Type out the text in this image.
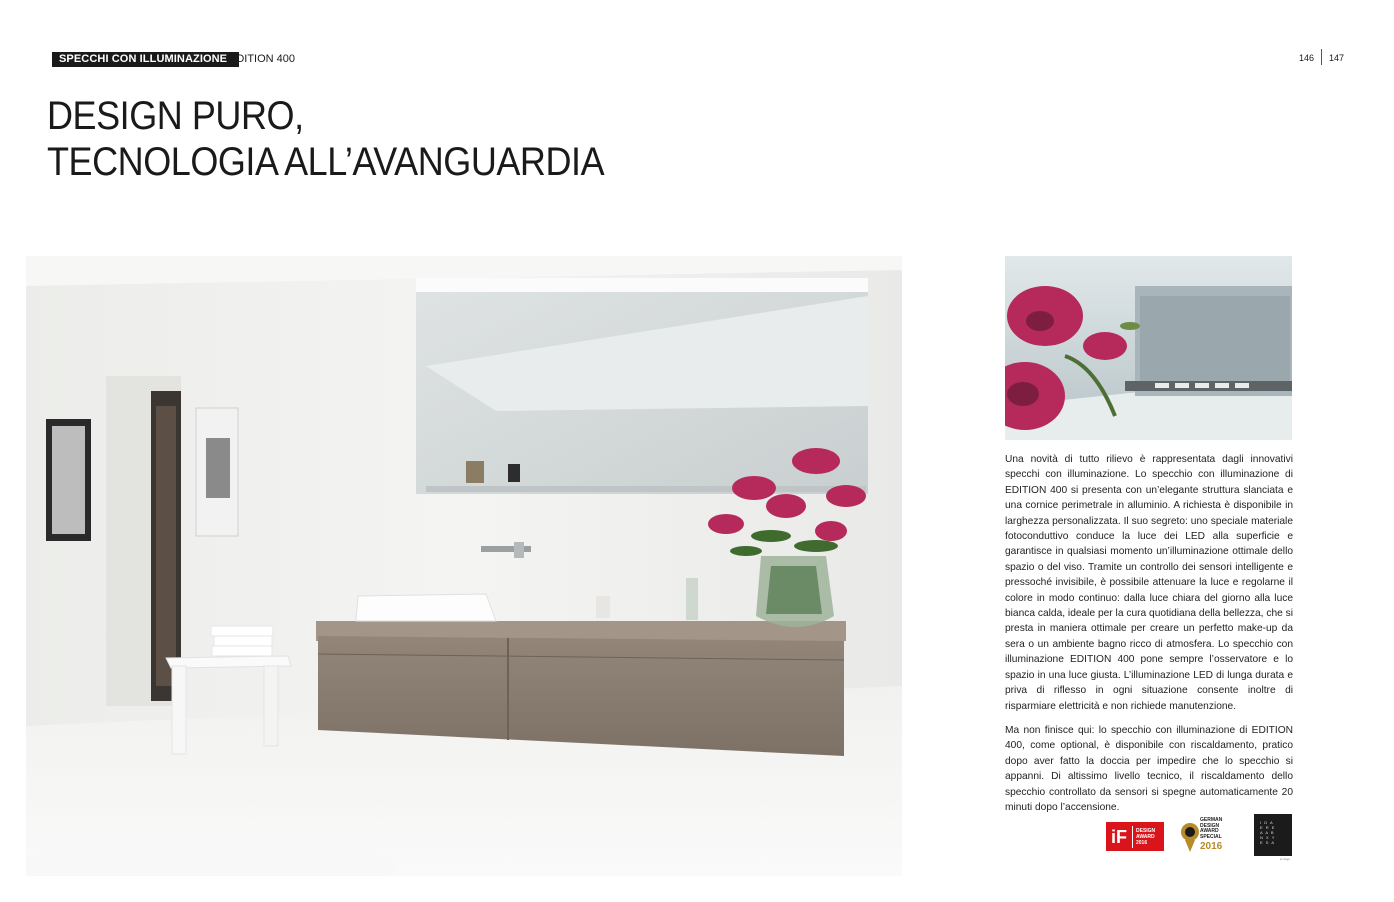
SPECCHI CON ILLUMINAZIONE EDITION 400	146 147
DESIGN PURO,
TECNOLOGIA ALL’AVANGUARDIA

Una novità di tutto rilievo è rappresentata dagli innovativi specchi con illuminazione. Lo specchio con illuminazione di EDITION 400 si presenta con un’elegante struttura slanciata e una cornice perimetrale in alluminio. A richiesta è disponibile in larghezza personalizzata. Il suo segreto: uno speciale materiale fotoconduttivo conduce la luce dei LED alla superficie e garantisce in qualsiasi momento un’illuminazione ottimale dello spazio o del viso. Tramite un controllo dei sensori intelligente e pressoché invisibile, è possibile attenuare la luce e regolarne il colore in modo continuo: dalla luce chiara del giorno alla luce bianca calda, ideale per la cura quotidiana della bellezza, che si presta in maniera ottimale per creare un perfetto make-up da sera o un ambiente bagno ricco di atmosfera. Lo specchio con illuminazione EDITION 400 pone sempre l’osservatore e lo spazio in una luce giusta. L’illuminazione LED di lunga durata e priva di riflesso in ogni situazione consente inoltre di risparmiare elettricità e non richiede manutenzione.

Ma non finisce qui: lo specchio con illuminazione di EDITION 400, come optional, è disponibile con riscaldamento, pratico dopo aver fatto la doccia per impedire che lo specchio si appanni. Di altissimo livello tecnico, il riscaldamento dello specchio controllato da sensori si spegne automaticamente 20 minuti dopo l’accensione.

iF	DESIGN
AWARD
2016
GERMAN
DESIGN
AWARD
SPECIAL
2016
I D A
E R E
A A B
N X Y
E S A
pr dsgn
